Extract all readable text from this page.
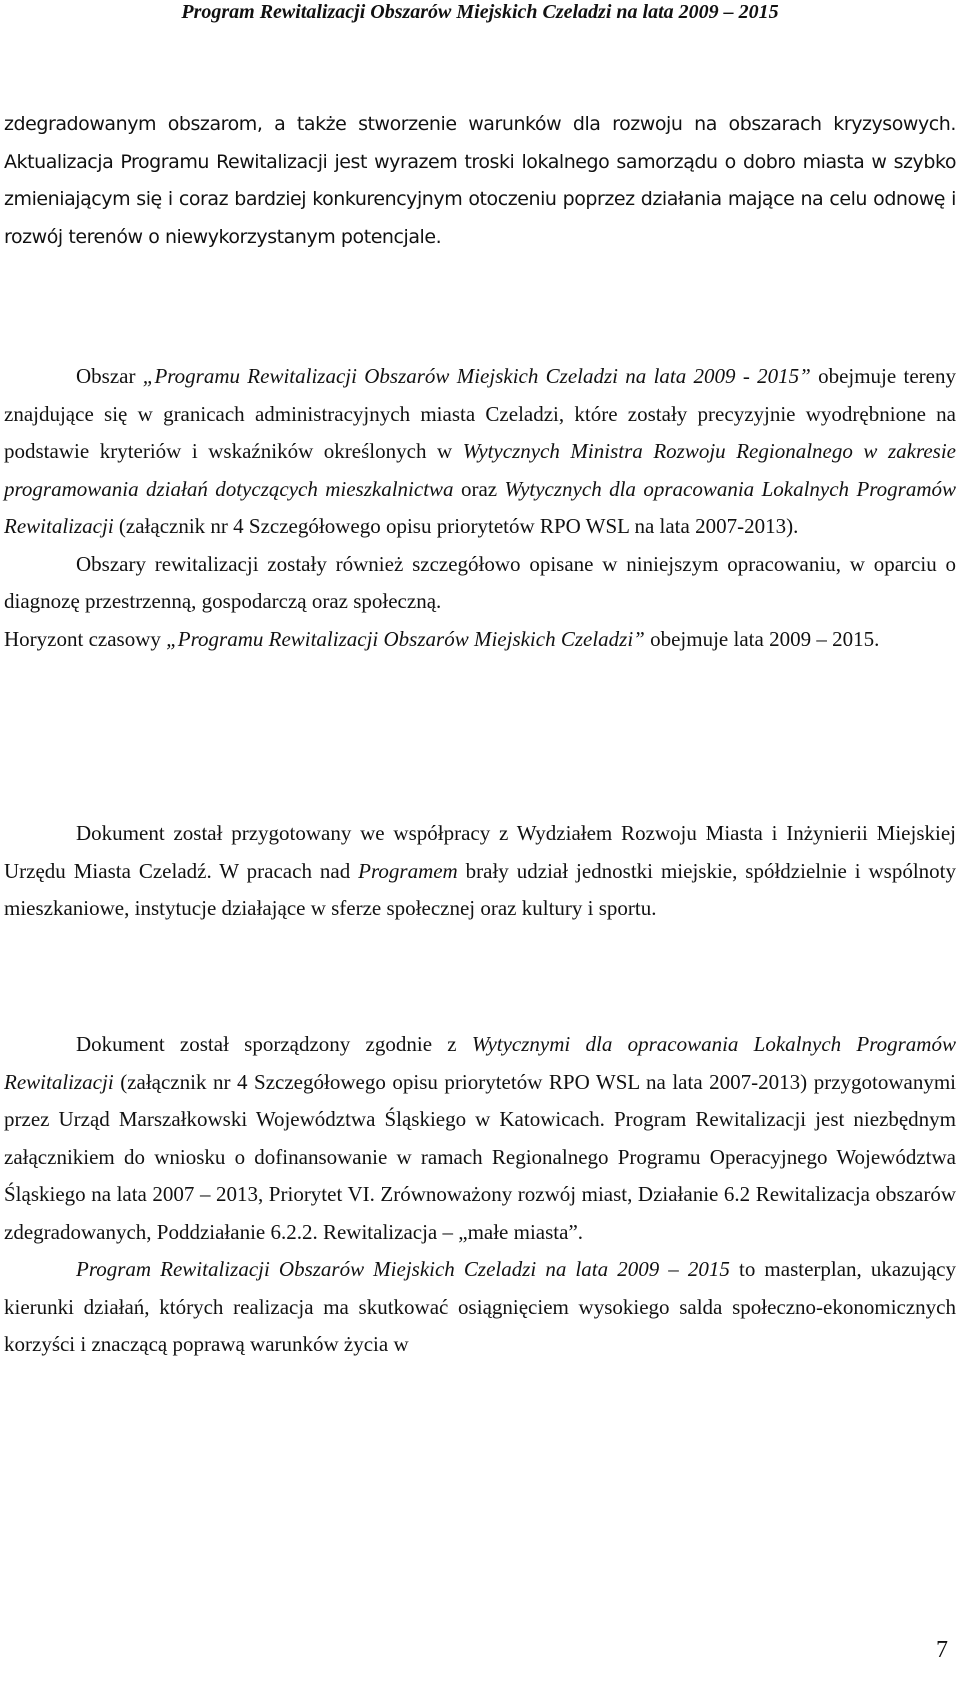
Program Rewitalizacji Obszarów Miejskich Czeladzi na lata 2009 – 2015

zdegradowanym obszarom, a także stworzenie warunków dla rozwoju na obszarach kryzysowych. Aktualizacja Programu Rewitalizacji jest wyrazem troski lokalnego samorządu o dobro miasta w szybko zmieniającym się i coraz bardziej konkurencyjnym otoczeniu poprzez działania mające na celu odnowę i rozwój terenów o niewykorzystanym potencjale.

Obszar „Programu Rewitalizacji Obszarów Miejskich Czeladzi na lata 2009 - 2015” obejmuje tereny znajdujące się w granicach administracyjnych miasta Czeladzi, które zostały precyzyjnie wyodrębnione na podstawie kryteriów i wskaźników określonych w Wytycznych Ministra Rozwoju Regionalnego w zakresie programowania działań dotyczących mieszkalnictwa oraz Wytycznych dla opracowania Lokalnych Programów Rewitalizacji (załącznik nr 4 Szczegółowego opisu priorytetów RPO WSL na lata 2007-2013).

Obszary rewitalizacji zostały również szczegółowo opisane w niniejszym opracowaniu, w oparciu o diagnozę przestrzenną, gospodarczą oraz społeczną.

Horyzont czasowy „Programu Rewitalizacji Obszarów Miejskich Czeladzi” obejmuje lata 2009 – 2015.

Dokument został przygotowany we współpracy z Wydziałem Rozwoju Miasta i Inżynierii Miejskiej Urzędu Miasta Czeladź. W pracach nad Programem brały udział jednostki miejskie, spółdzielnie i wspólnoty mieszkaniowe, instytucje działające w sferze społecznej oraz kultury i sportu.

Dokument został sporządzony zgodnie z Wytycznymi dla opracowania Lokalnych Programów Rewitalizacji (załącznik nr 4 Szczegółowego opisu priorytetów RPO WSL na lata 2007-2013) przygotowanymi przez Urząd Marszałkowski Województwa Śląskiego w Katowicach. Program Rewitalizacji jest niezbędnym załącznikiem do wniosku o dofinansowanie w ramach Regionalnego Programu Operacyjnego Województwa Śląskiego na lata 2007 – 2013, Priorytet VI. Zrównoważony rozwój miast, Działanie 6.2 Rewitalizacja obszarów zdegradowanych, Poddziałanie 6.2.2. Rewitalizacja – „małe miasta”.

Program Rewitalizacji Obszarów Miejskich Czeladzi na lata 2009 – 2015 to masterplan, ukazujący kierunki działań, których realizacja ma skutkować osiągnięciem wysokiego salda społeczno-ekonomicznych korzyści i znaczącą poprawą warunków życia w

7
